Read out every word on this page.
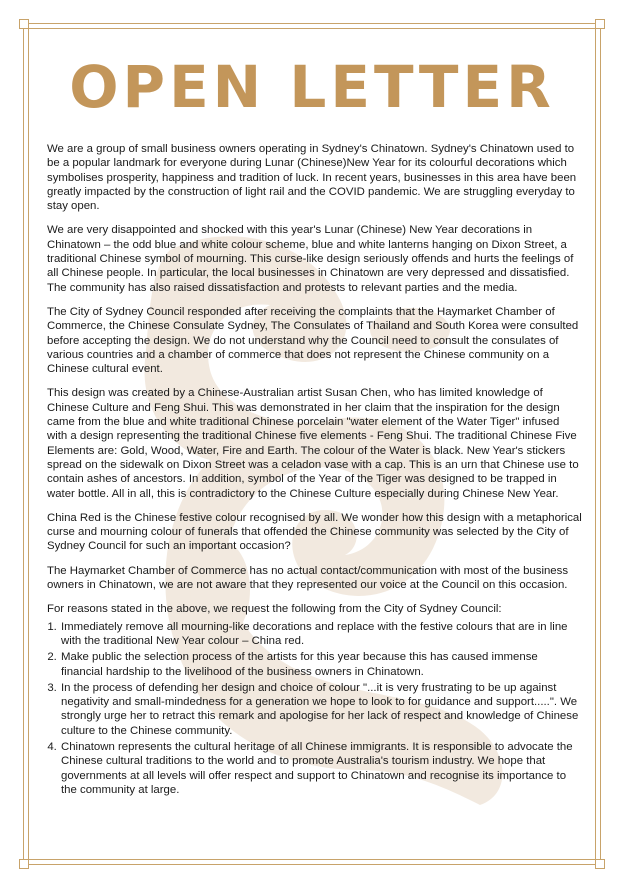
OPEN LETTER

We are a group of small business owners operating in Sydney's Chinatown. Sydney's Chinatown used to be a popular landmark for everyone during Lunar (Chinese)New Year for its colourful decorations which symbolises prosperity, happiness and tradition of luck. In recent years, businesses in this area have been greatly impacted by the construction of light rail and the COVID pandemic. We are struggling everyday to stay open.

We are very disappointed and shocked with this year's Lunar (Chinese) New Year decorations in Chinatown – the odd blue and white colour scheme, blue and white lanterns hanging on Dixon Street, a traditional Chinese symbol of mourning. This curse-like design seriously offends and hurts the feelings of all Chinese people. In particular, the local businesses in Chinatown are very depressed and dissatisfied. The community has also raised dissatisfaction and protests to relevant parties and the media.

The City of Sydney Council responded after receiving the complaints that the Haymarket Chamber of Commerce, the Chinese Consulate Sydney, The Consulates of Thailand and South Korea were consulted before accepting the design. We do not understand why the Council need to consult the consulates of various countries and a chamber of commerce that does not represent the Chinese community on a Chinese cultural event.

This design was created by a Chinese-Australian artist Susan Chen, who has limited knowledge of Chinese Culture and Feng Shui. This was demonstrated in her claim that the inspiration for the design came from the blue and white traditional Chinese porcelain "water element of the Water Tiger" infused with a design representing the traditional Chinese five elements - Feng Shui. The traditional Chinese Five Elements are: Gold, Wood, Water, Fire and Earth. The colour of the Water is black. New Year's stickers spread on the sidewalk on Dixon Street was a celadon vase with a cap. This is an urn that Chinese use to contain ashes of ancestors. In addition, symbol of the Year of the Tiger was designed to be trapped in water bottle. All in all, this is contradictory to the Chinese Culture especially during Chinese New Year.

China Red is the Chinese festive colour recognised by all. We wonder how this design with a metaphorical curse and mourning colour of funerals that offended the Chinese community was selected by the City of Sydney Council for such an important occasion?

The Haymarket Chamber of Commerce has no actual contact/communication with most of the business owners in Chinatown, we are not aware that they represented our voice at the Council on this occasion.

For reasons stated in the above, we request the following from the City of Sydney Council:

1. Immediately remove all mourning-like decorations and replace with the festive colours that are in line with the traditional New Year colour – China red.
2. Make public the selection process of the artists for this year because this has caused immense financial hardship to the livelihood of the business owners in Chinatown.
3. In the process of defending her design and choice of colour "...it is very frustrating to be up against negativity and small-mindedness for a generation we hope to look to for guidance and support.....". We strongly urge her to retract this remark and apologise for her lack of respect and knowledge of Chinese culture to the Chinese community.
4. Chinatown represents the cultural heritage of all Chinese immigrants. It is responsible to advocate the Chinese cultural traditions to the world and to promote Australia's tourism industry. We hope that governments at all levels will offer respect and support to Chinatown and recognise its importance to the community at large.
